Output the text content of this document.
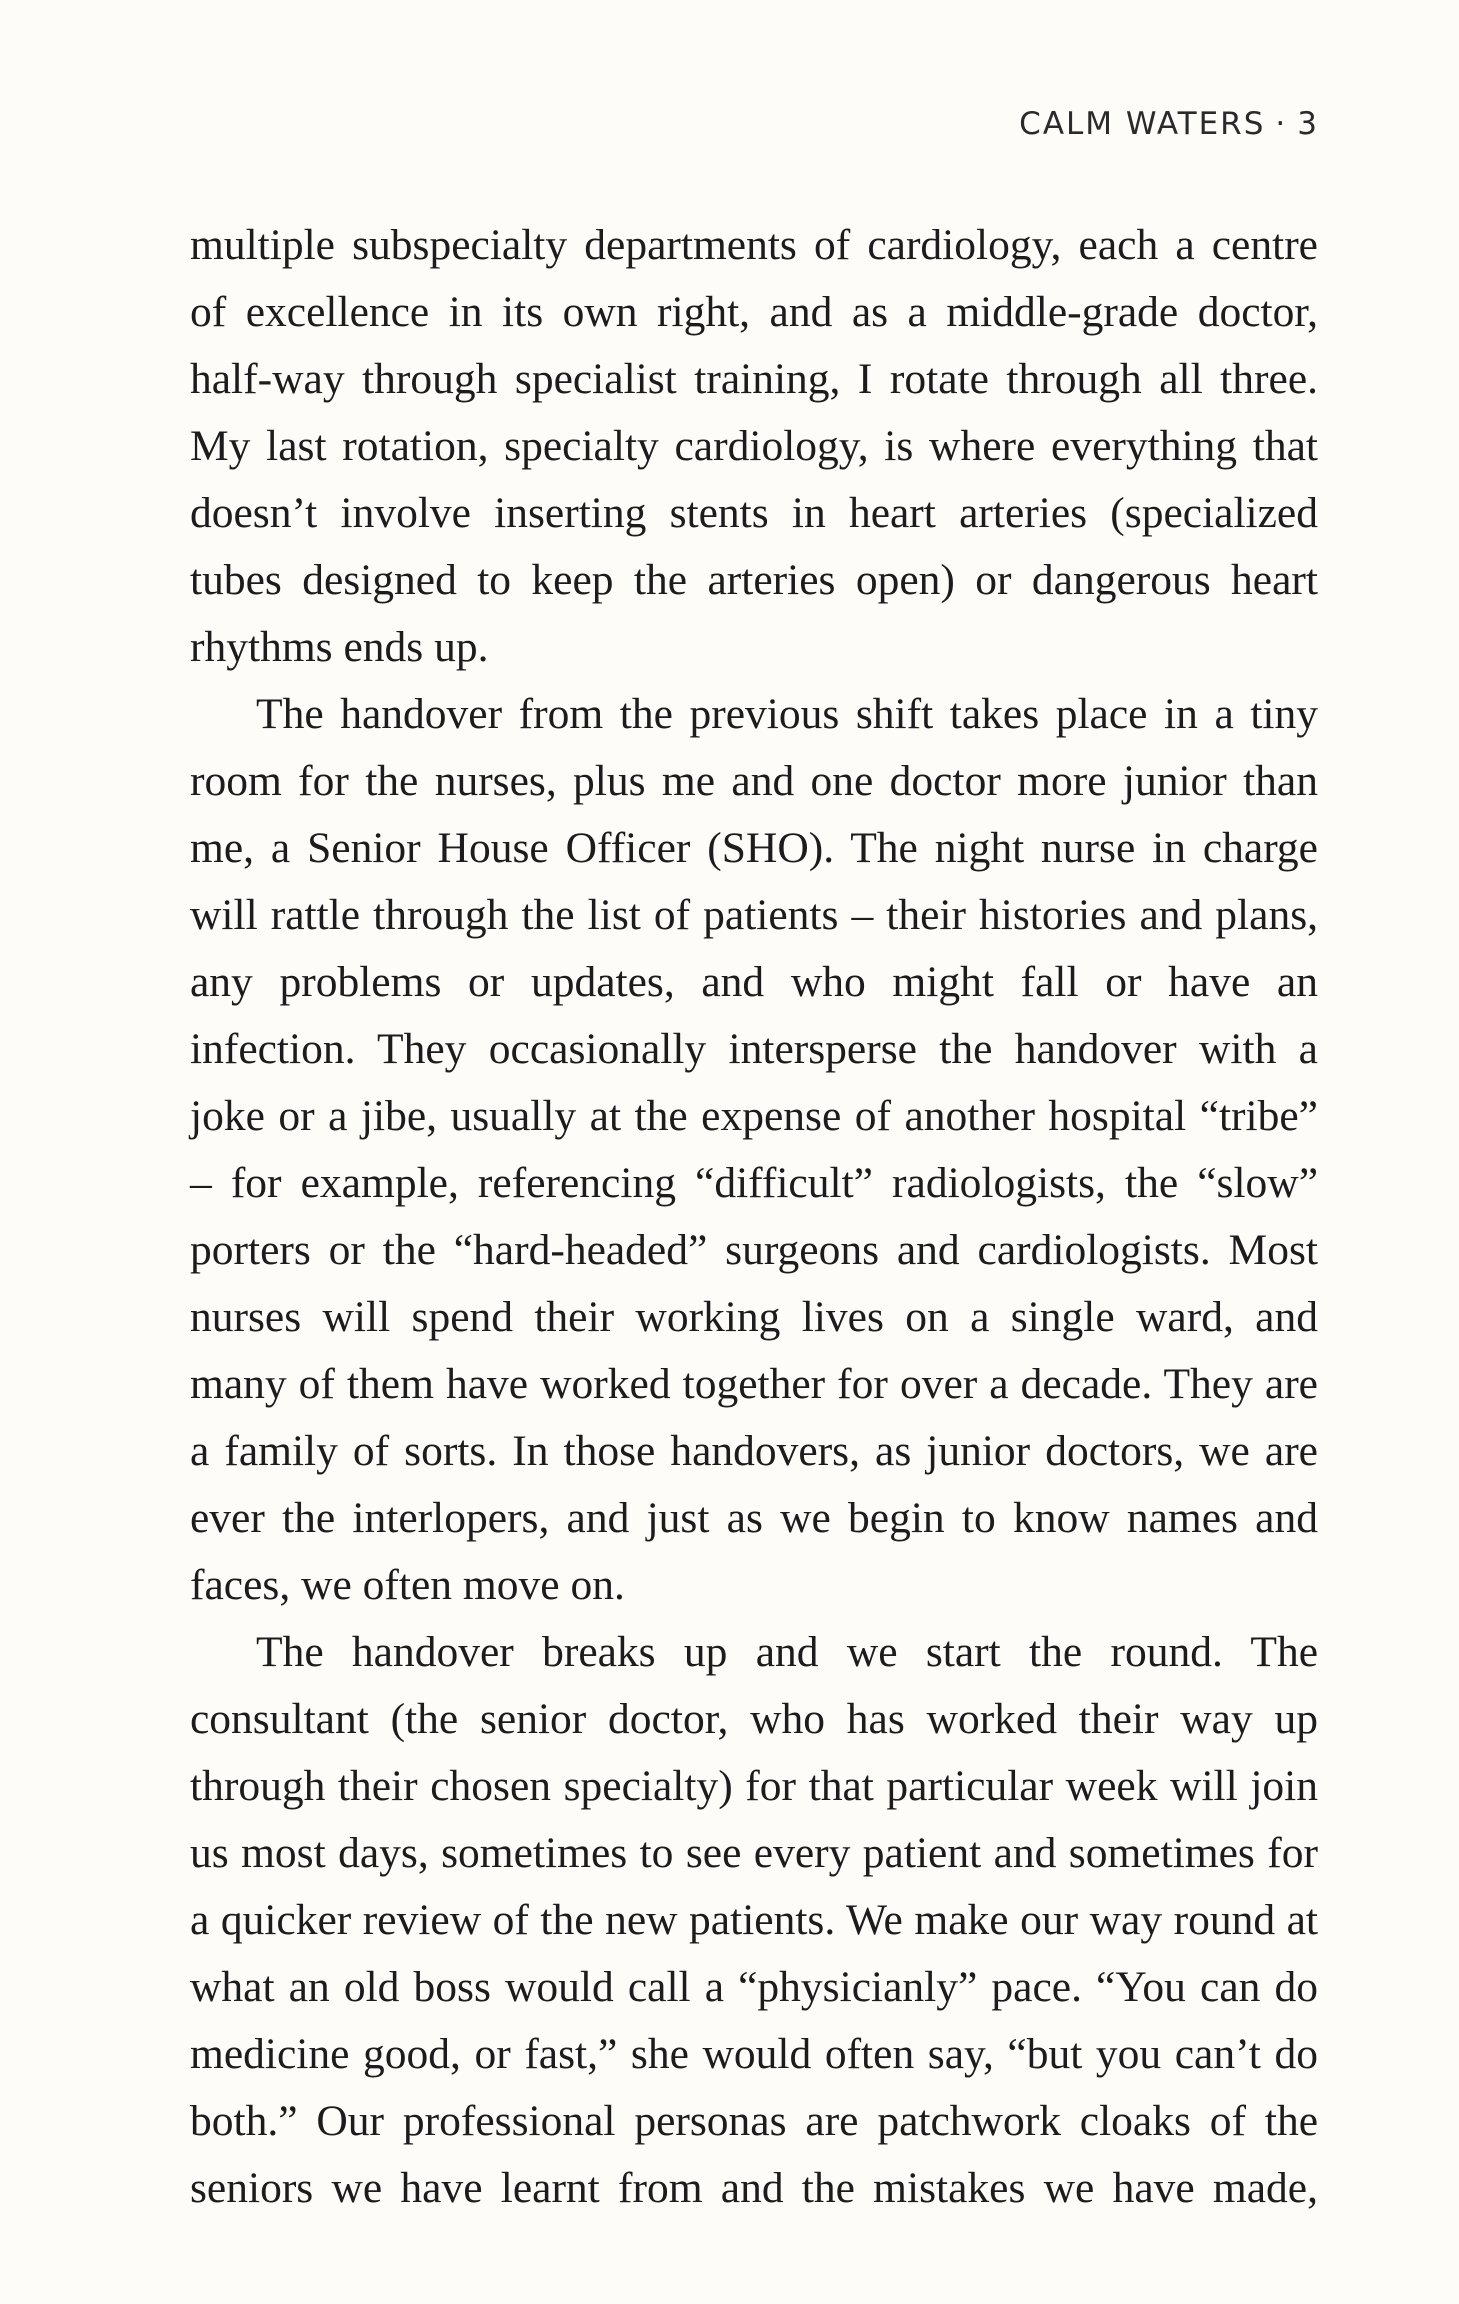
CALM WATERS · 3

multiple subspecialty departments of cardiology, each a centre of excellence in its own right, and as a middle-grade doctor, half-way through specialist training, I rotate through all three. My last rotation, specialty cardiology, is where everything that doesn’t involve inserting stents in heart arteries (specialized tubes designed to keep the arteries open) or dangerous heart rhythms ends up.

The handover from the previous shift takes place in a tiny room for the nurses, plus me and one doctor more junior than me, a Senior House Officer (SHO). The night nurse in charge will rattle through the list of patients – their histories and plans, any problems or updates, and who might fall or have an infection. They occasionally intersperse the handover with a joke or a jibe, usually at the expense of another hospital “tribe” – for example, referencing “difficult” radiologists, the “slow” porters or the “hard-headed” surgeons and cardiologists. Most nurses will spend their working lives on a single ward, and many of them have worked together for over a decade. They are a family of sorts. In those handovers, as junior doctors, we are ever the interlopers, and just as we begin to know names and faces, we often move on.

The handover breaks up and we start the round. The consultant (the senior doctor, who has worked their way up through their chosen specialty) for that particular week will join us most days, sometimes to see every patient and sometimes for a quicker review of the new patients. We make our way round at what an old boss would call a “physicianly” pace. “You can do medicine good, or fast,” she would often say, “but you can’t do both.” Our professional personas are patchwork cloaks of the seniors we have learnt from and the mistakes we have made,
